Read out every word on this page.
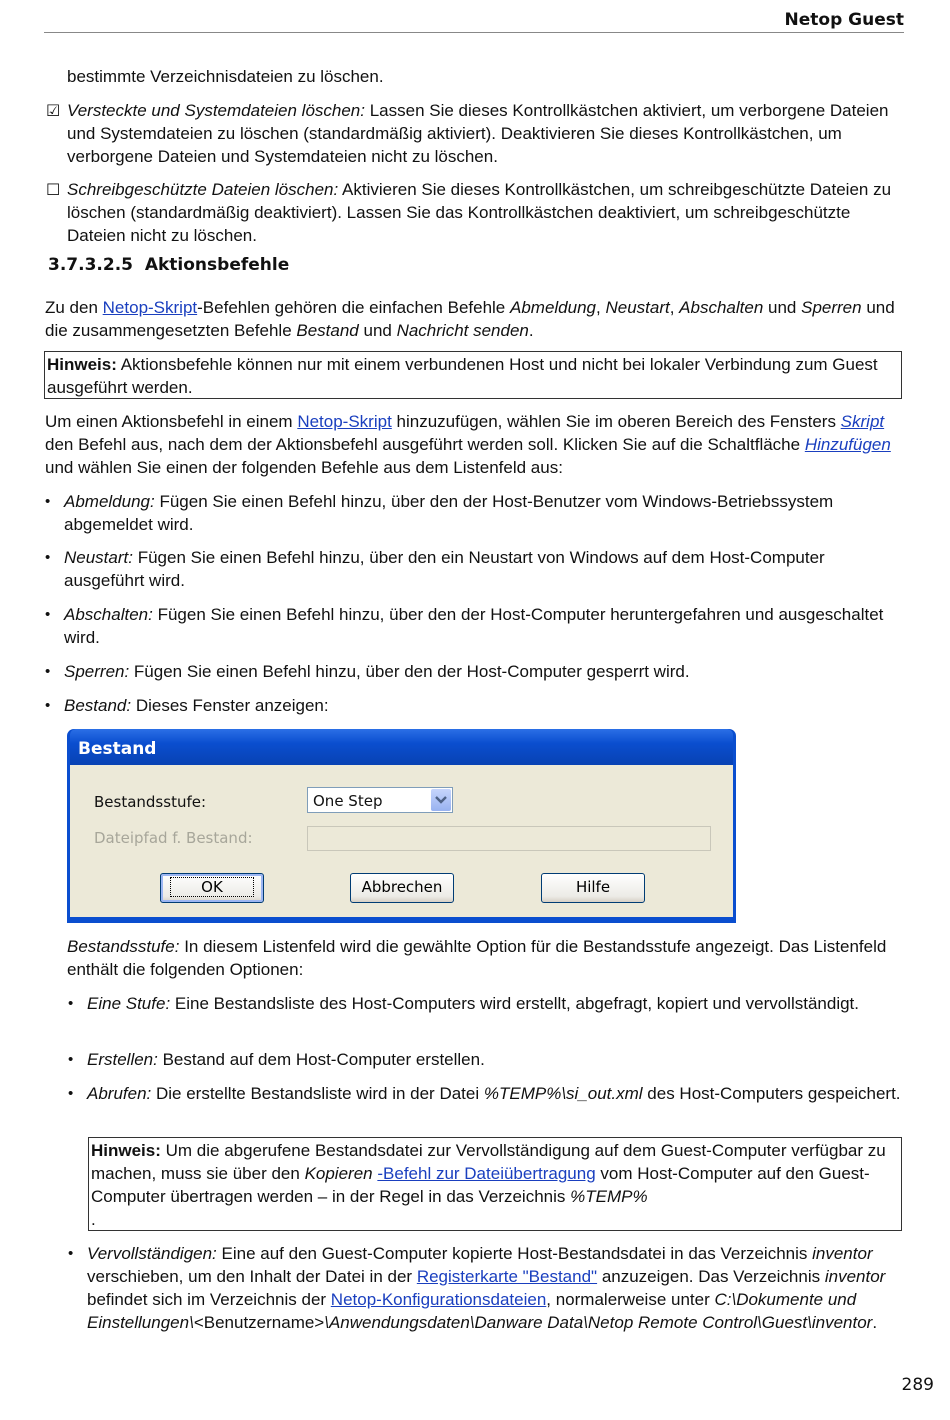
Netop Guest
bestimmte Verzeichnisdateien zu löschen.
☑ Versteckte und Systemdateien löschen: Lassen Sie dieses Kontrollkästchen aktiviert, um verborgene Dateien und Systemdateien zu löschen (standardmäßig aktiviert). Deaktivieren Sie dieses Kontrollkästchen, um verborgene Dateien und Systemdateien nicht zu löschen.
☐ Schreibgeschützte Dateien löschen: Aktivieren Sie dieses Kontrollkästchen, um schreibgeschützte Dateien zu löschen (standardmäßig deaktiviert). Lassen Sie das Kontrollkästchen deaktiviert, um schreibgeschützte Dateien nicht zu löschen.
3.7.3.2.5 Aktionsbefehle
Zu den Netop-Skript-Befehlen gehören die einfachen Befehle Abmeldung, Neustart, Abschalten und Sperren und die zusammengesetzten Befehle Bestand und Nachricht senden.
Hinweis: Aktionsbefehle können nur mit einem verbundenen Host und nicht bei lokaler Verbindung zum Guest ausgeführt werden.
Um einen Aktionsbefehl in einem Netop-Skript hinzuzufügen, wählen Sie im oberen Bereich des Fensters Skript den Befehl aus, nach dem der Aktionsbefehl ausgeführt werden soll. Klicken Sie auf die Schaltfläche Hinzufügen und wählen Sie einen der folgenden Befehle aus dem Listenfeld aus:
• Abmeldung: Fügen Sie einen Befehl hinzu, über den der Host-Benutzer vom Windows-Betriebssystem abgemeldet wird.
• Neustart: Fügen Sie einen Befehl hinzu, über den ein Neustart von Windows auf dem Host-Computer ausgeführt wird.
• Abschalten: Fügen Sie einen Befehl hinzu, über den der Host-Computer heruntergefahren und ausgeschaltet wird.
• Sperren: Fügen Sie einen Befehl hinzu, über den der Host-Computer gesperrt wird.
• Bestand: Dieses Fenster anzeigen:
Bestand
Bestandsstufe:	One Step
Dateipfad f. Bestand:
OK	Abbrechen	Hilfe
Bestandsstufe: In diesem Listenfeld wird die gewählte Option für die Bestandsstufe angezeigt. Das Listenfeld enthält die folgenden Optionen:
• Eine Stufe: Eine Bestandsliste des Host-Computers wird erstellt, abgefragt, kopiert und vervollständigt.
• Erstellen: Bestand auf dem Host-Computer erstellen.
• Abrufen: Die erstellte Bestandsliste wird in der Datei %TEMP%\si_out.xml des Host-Computers gespeichert.
Hinweis: Um die abgerufene Bestandsdatei zur Vervollständigung auf dem Guest-Computer verfügbar zu machen, muss sie über den Kopieren -Befehl zur Dateiübertragung vom Host-Computer auf den Guest-Computer übertragen werden – in der Regel in das Verzeichnis %TEMP%
.
• Vervollständigen: Eine auf den Guest-Computer kopierte Host-Bestandsdatei in das Verzeichnis inventor verschieben, um den Inhalt der Datei in der Registerkarte "Bestand" anzuzeigen. Das Verzeichnis inventor befindet sich im Verzeichnis der Netop-Konfigurationsdateien, normalerweise unter C:\Dokumente und Einstellungen\<Benutzername>\Anwendungsdaten\Danware Data\Netop Remote Control\Guest\inventor.
289
